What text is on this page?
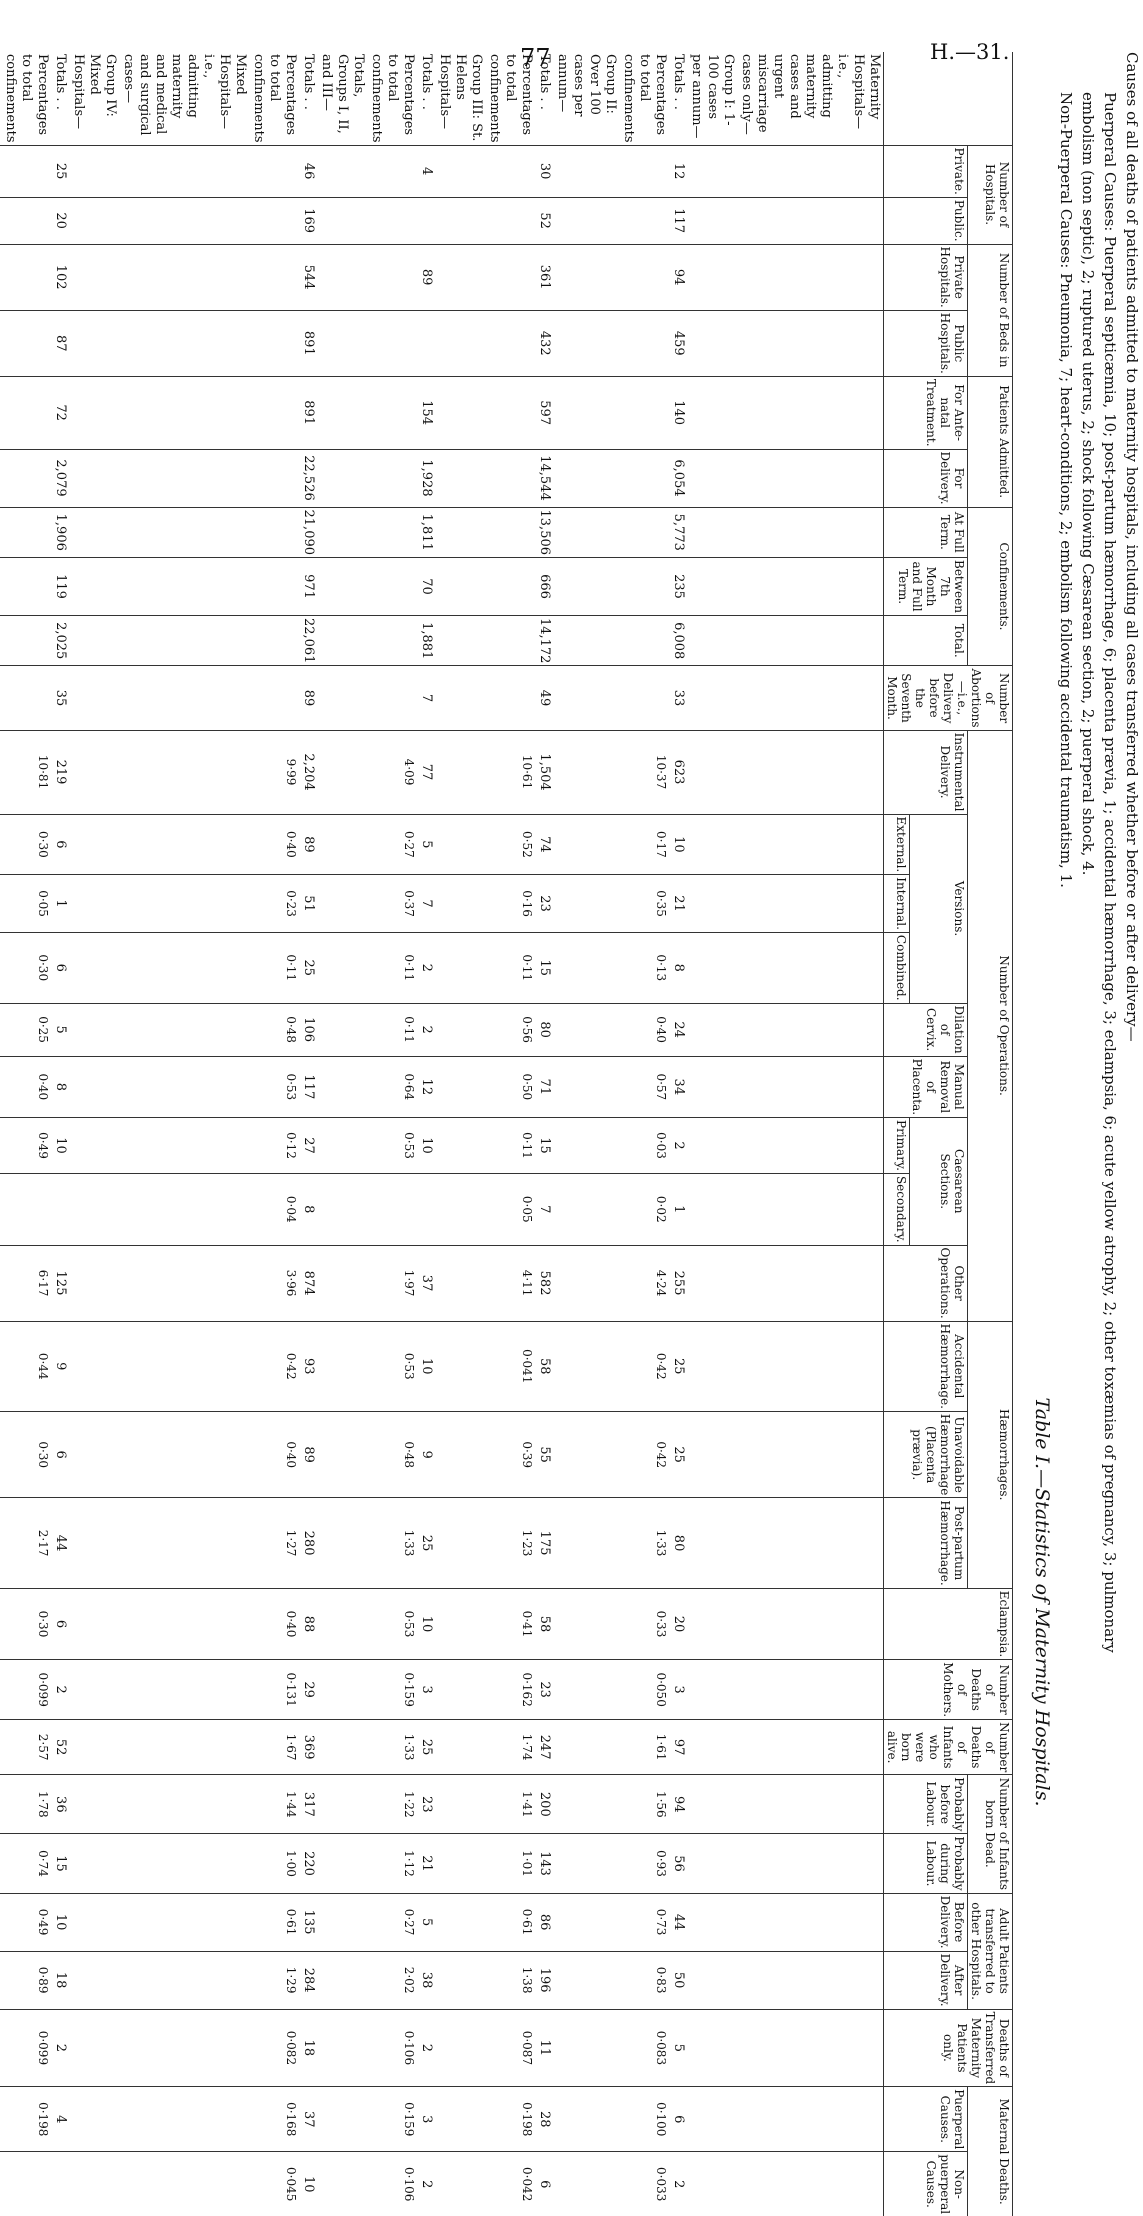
77	H.—31.
Table I.—Statistics of Maternity Hospitals.
Causes of all deaths of patients admitted to maternity hospitals, including all cases transferred whether before or after delivery—
Puerperal Causes: Puerperal septicæmia, 10; post-partum hæmorrhage, 6; placenta prævia, 1; accidental hæmorrhage, 3; eclampsia, 6; acute yellow atrophy, 2; other toxæmias of pregnancy, 3; pulmonary
embolism (non septic), 2; ruptured uterus, 2; shock following Cæsarean section, 2; puerperal shock, 4.
Non-Puerperal Causes: Pneumonia, 7; heart-conditions, 2; embolism following accidental traumatism, 1.
	Number of Hospitals.		Number of Beds in		Patients Admitted.		Confinements.			Number of Abortions—i.e., Delivery before the Seventh Month.	Number of Operations.									Hæmorrhages.			Eclampsia.	Number of Deaths of Mothers.	Number of Deaths of Infants who were born alive.	Number of Infants born Dead.		Adult Patients transferred to other Hospitals.		Deaths of Transferred Maternity Patients only.	Maternal Deaths.	
	Private.	Public.	Private Hospitals.	Public Hospitals.	For Ante-natal Treatment.	For Delivery.	At Full Term.	Between 7th Month and Full Term.	Total.		Instrumental Delivery.	Versions.			Dilation of Cervix.	Manual Removal of Placenta.	Caesarean Sections.		Other Operations.	Accidental Hæmorrhage.	Unavoidable Hæmorrhage (Placenta prævia).	Post-partum Hæmorrhage.				Probably before Labour.	Probably during Labour.	Before Delivery.	After Delivery.		Puerperal Causes.	Non-puerperal Causes.
												External.	Internal.	Combined.			Primary.	Secondary.														
Maternity Hospitals—i.e., admitting maternity cases and urgent miscarriage cases only—																																
Group I: 1-100 cases per annum—																																
Totals . .	12	117	94	459	140	6,054	5,773	235	6,008	33	623	10	21	8	24	34	2	1	255	25	25	80	20	3	97	94	56	44	50	5	6	2
Percentages to total confinements											10·37	0·17	0·35	0·13	0·40	0·57	0·03	0·02	4·24	0·42	0·42	1·33	0·33	0·050	1·61	1·56	0·93	0·73	0·83	0·083	0·100	0·033
Group II: Over 100 cases per annum—																																
Totals . .	30	52	361	432	597	14,544	13,506	666	14,172	49	1,504	74	23	15	80	71	15	7	582	58	55	175	58	23	247	200	143	86	196	11	28	6
Percentages to total confinements											10·61	0·52	0·16	0·11	0·56	0·50	0·11	0·05	4·11	0·041	0·39	1·23	0·41	0·162	1·74	1·41	1·01	0·61	1·38	0·087	0·198	0·042
Group III: St. Helens Hospitals—																																
Totals . .	4		89		154	1,928	1,811	70	1,881	7	77	5	7	2	2	12	10		37	10	9	25	10	3	25	23	21	5	38	2	3	2
Percentages to total confinements											4·09	0·27	0·37	0·11	0·11	0·64	0·53		1·97	0·53	0·48	1·33	0·53	0·159	1·33	1·22	1·12	0·27	2·02	0·106	0·159	0·106
Totals, Groups I, II, and III—																																
Totals . .	46	169	544	891	891	22,526	21,090	971	22,061	89	2,204	89	51	25	106	117	27	8	874	93	89	280	88	29	369	317	220	135	284	18	37	10
Percentages to total confinements											9·99	0·40	0·23	0·11	0·48	0·53	0·12	0·04	3·96	0·42	0·40	1·27	0·40	0·131	1·67	1·44	1·00	0·61	1·29	0·082	0·168	0·045
Mixed Hospitals—i.e., admitting maternity and medical and surgical cases—																																
Group IV: Mixed Hospitals—																																
Totals . .	25	20	102	87	72	2,079	1,906	119	2,025	35	219	6	1	6	5	8	10		125	9	6	44	6	2	52	36	15	10	18	2	4	
Percentages to total confinements											10·81	0·30	0·05	0·30	0·25	0·40	0·49		6·17	0·44	0·30	2·17	0·30	0·099	2·57	1·78	0·74	0·49	0·89	0·099	0·198	
